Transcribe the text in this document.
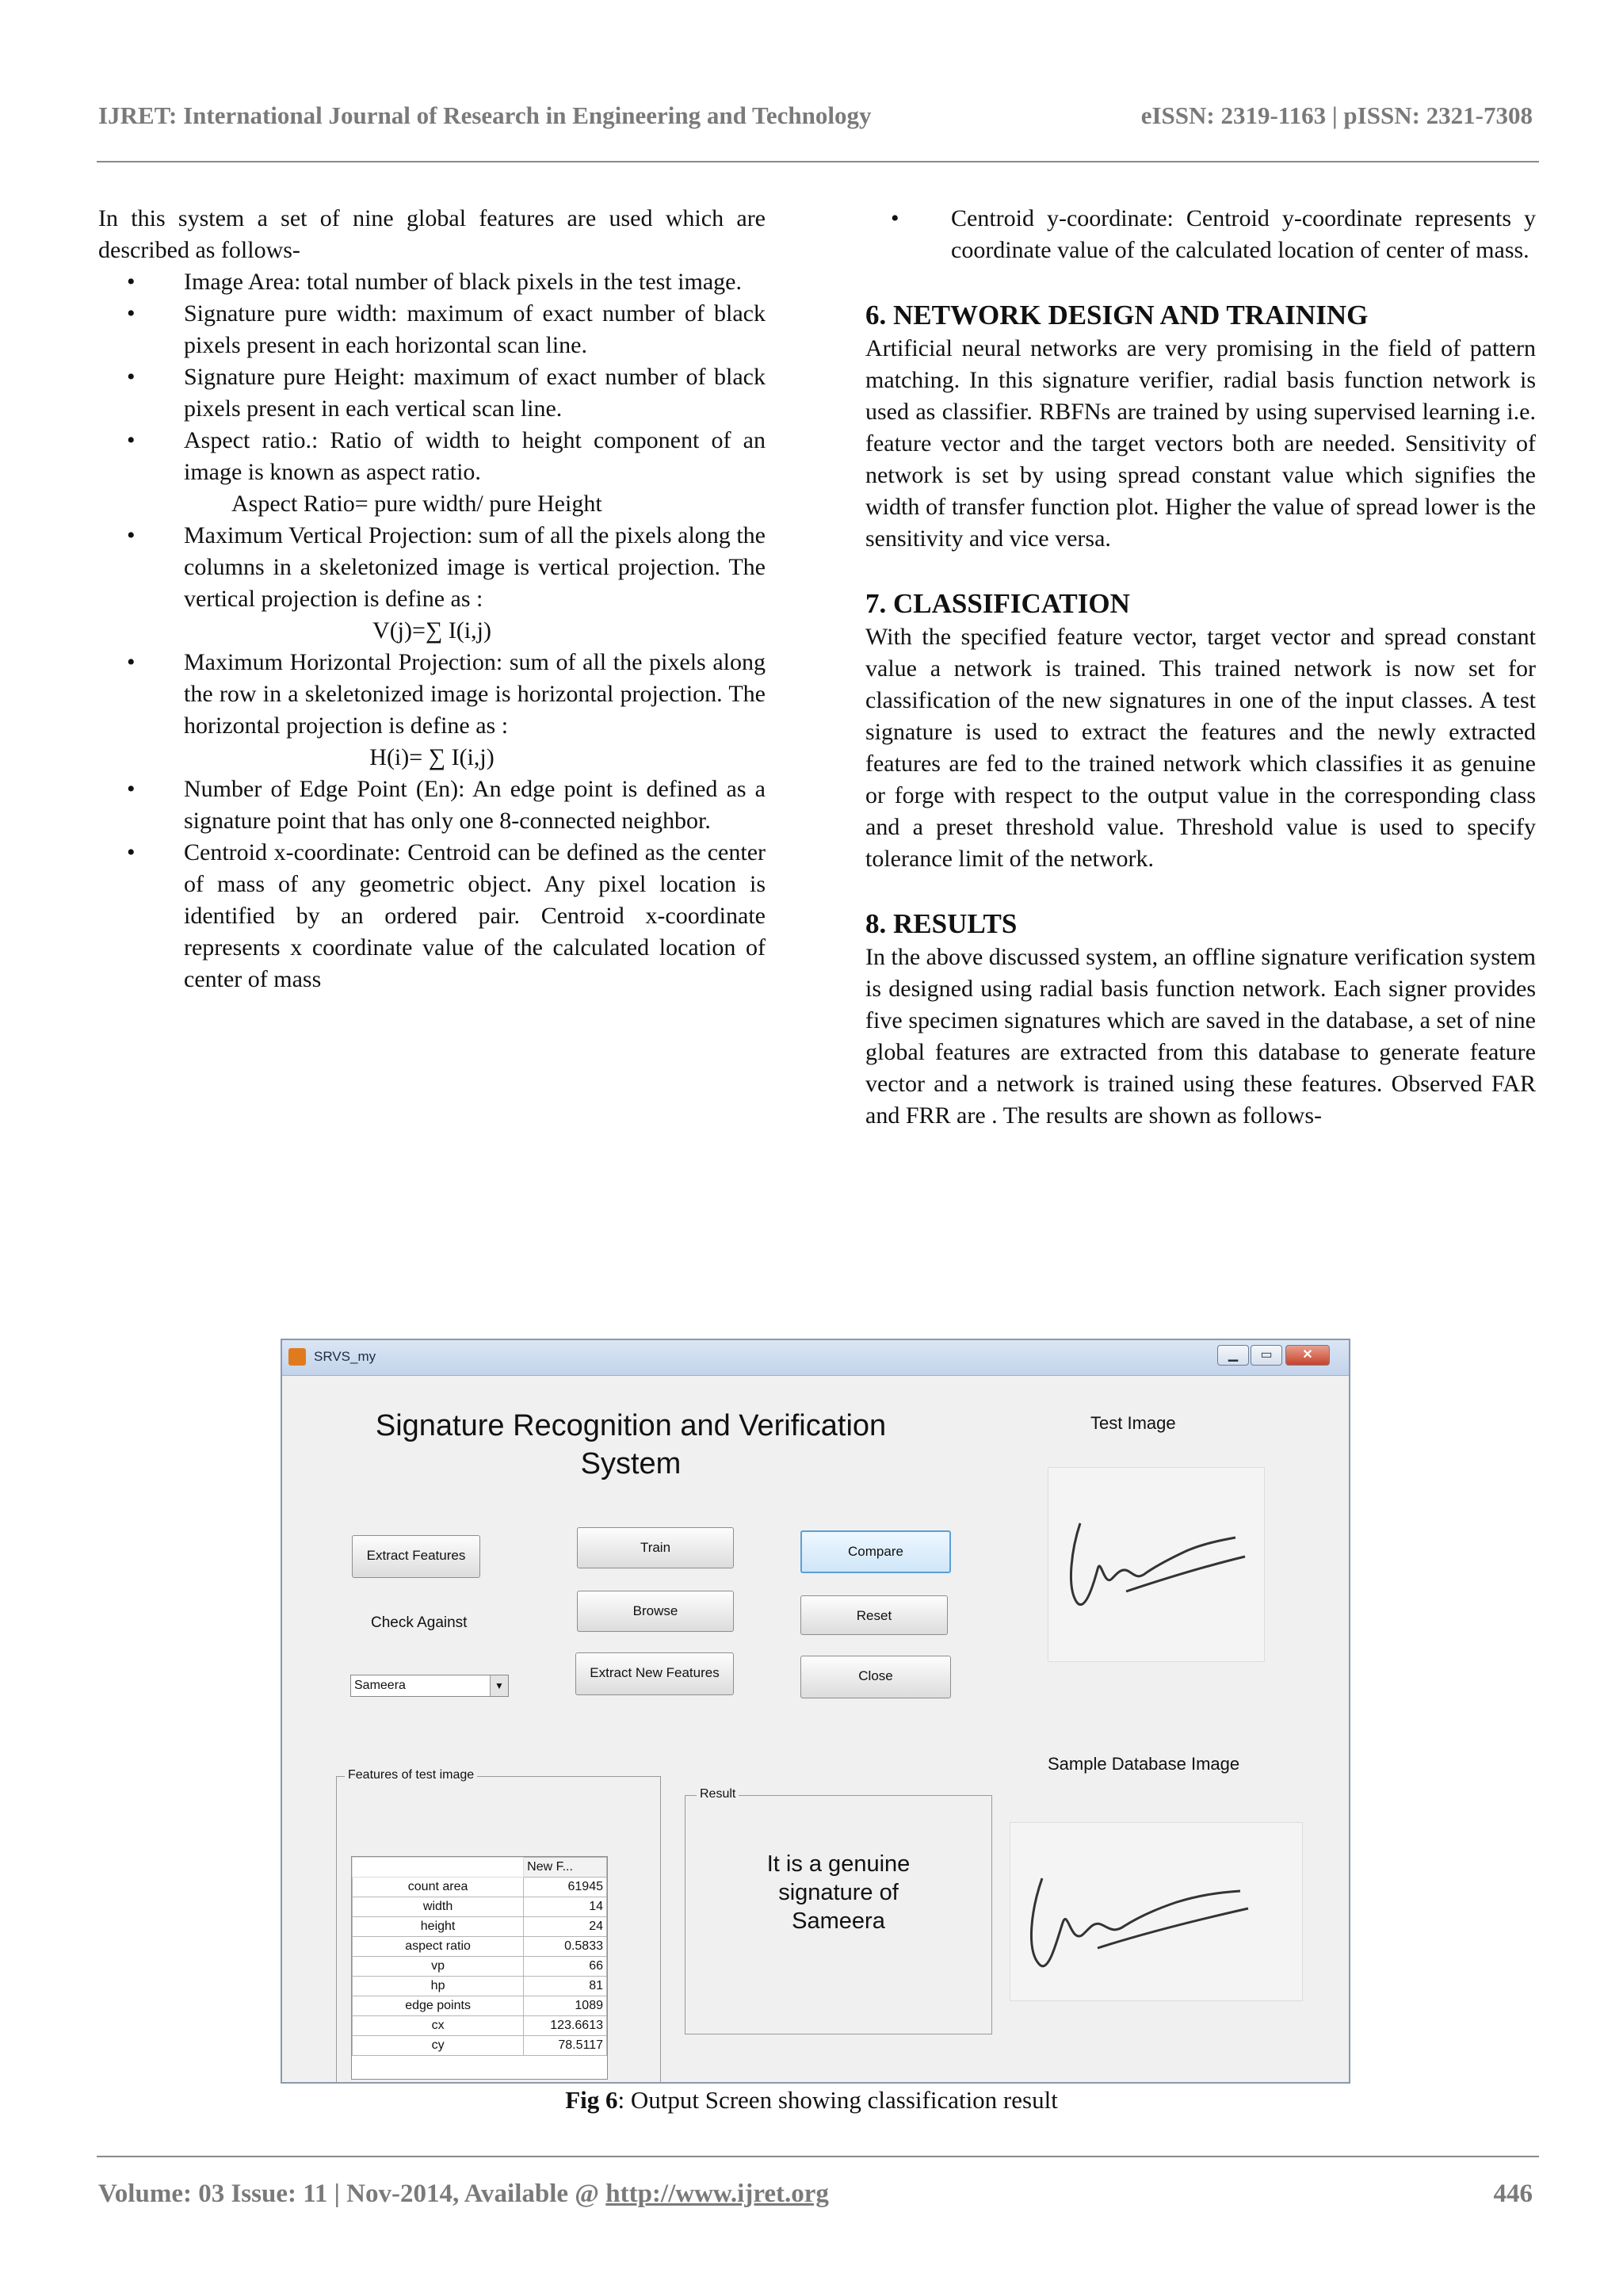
IJRET: International Journal of Research in Engineering and Technology	eISSN: 2319-1163 | pISSN: 2321-7308

In this system a set of nine global features are used which are described as follows-

• Image Area: total number of black pixels in the test image.
• Signature pure width: maximum of exact number of black pixels present in each horizontal scan line.
• Signature pure Height: maximum of exact number of black pixels present in each vertical scan line.
• Aspect ratio.: Ratio of width to height component of an image is known as aspect ratio.

Aspect Ratio= pure width/ pure Height

• Maximum Vertical Projection: sum of all the pixels along the columns in a skeletonized image is vertical projection. The vertical projection is define as :

V(j)=∑ I(i,j)

• Maximum Horizontal Projection: sum of all the pixels along the row in a skeletonized image is horizontal projection. The horizontal projection is define as :

H(i)= ∑ I(i,j)

• Number of Edge Point (En): An edge point is defined as a signature point that has only one 8-connected neighbor.
• Centroid x-coordinate: Centroid can be defined as the center of mass of any geometric object. Any pixel location is identified by an ordered pair. Centroid x-coordinate represents x coordinate value of the calculated location of center of mass
• Centroid y-coordinate: Centroid y-coordinate represents y coordinate value of the calculated location of center of mass.

6. NETWORK DESIGN AND TRAINING

Artificial neural networks are very promising in the field of pattern matching. In this signature verifier, radial basis function network is used as classifier. RBFNs are trained by using supervised learning i.e. feature vector and the target vectors both are needed. Sensitivity of network is set by using spread constant value which signifies the width of transfer function plot. Higher the value of spread lower is the sensitivity and vice versa.

7. CLASSIFICATION

With the specified feature vector, target vector and spread constant value a network is trained. This trained network is now set for classification of the new signatures in one of the input classes. A test signature is used to extract the features and the newly extracted features are fed to the trained network which classifies it as genuine or forge with respect to the output value in the corresponding class and a preset threshold value. Threshold value is used to specify tolerance limit of the network.

8. RESULTS

In the above discussed system, an offline signature verification system is designed using radial basis function network. Each signer provides five specimen signatures which are saved in the database, a set of nine global features are extracted from this database to generate feature vector and a network is trained using these features. Observed FAR and FRR are . The results are shown as follows-

SRVS_my	▁	▭	✕
Signature Recognition and Verification
System
Test Image
Extract Features
Train	Compare
Browse	Reset
Extract New Features	Close
Check Against
Sameera	▼
Sample Database Image
Features of test image
	New F...
count area	61945
width	14
height	24
aspect ratio	0.5833
vp	66
hp	81
edge points	1089
cx	123.6613
cy	78.5117
Result
It is a genuine
signature of
Sameera
Fig 6: Output Screen showing classification result
Volume: 03 Issue: 11 | Nov-2014, Available @ http://www.ijret.org	446
